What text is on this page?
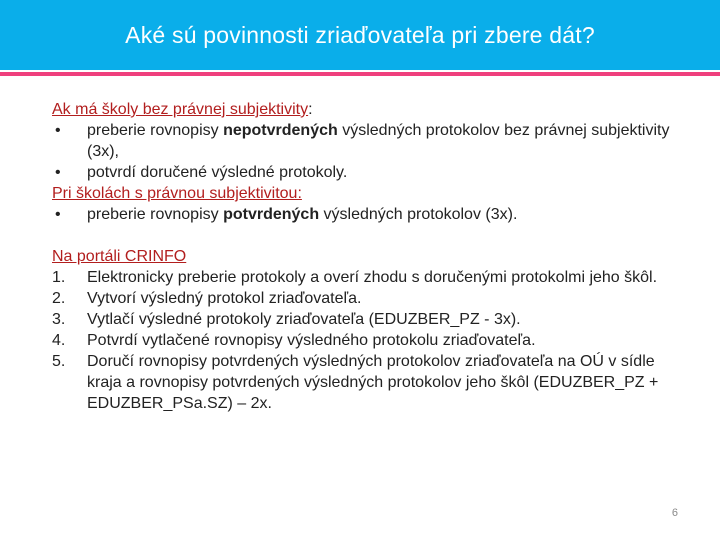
Aké sú povinnosti zriaďovateľa pri zbere dát?

Ak má školy bez právnej subjektivity:

•	preberie rovnopisy nepotvrdených výsledných protokolov bez právnej subjektivity (3x),
•	potvrdí doručené výsledné protokoly.

Pri školách s právnou subjektivitou:

•	preberie rovnopisy potvrdených výsledných protokolov (3x).

Na portáli CRINFO

1.	Elektronicky preberie protokoly a overí zhodu s doručenými protokolmi jeho škôl.
2.	Vytvorí výsledný protokol zriaďovateľa.
3.	Vytlačí výsledné protokoly zriaďovateľa (EDUZBER_PZ - 3x).
4.	Potvrdí vytlačené rovnopisy výsledného protokolu zriaďovateľa.
5.	Doručí rovnopisy potvrdených výsledných protokolov zriaďovateľa na OÚ v sídle kraja a rovnopisy potvrdených výsledných protokolov jeho škôl (EDUZBER_PZ + EDUZBER_PSa.SZ) – 2x.
6
